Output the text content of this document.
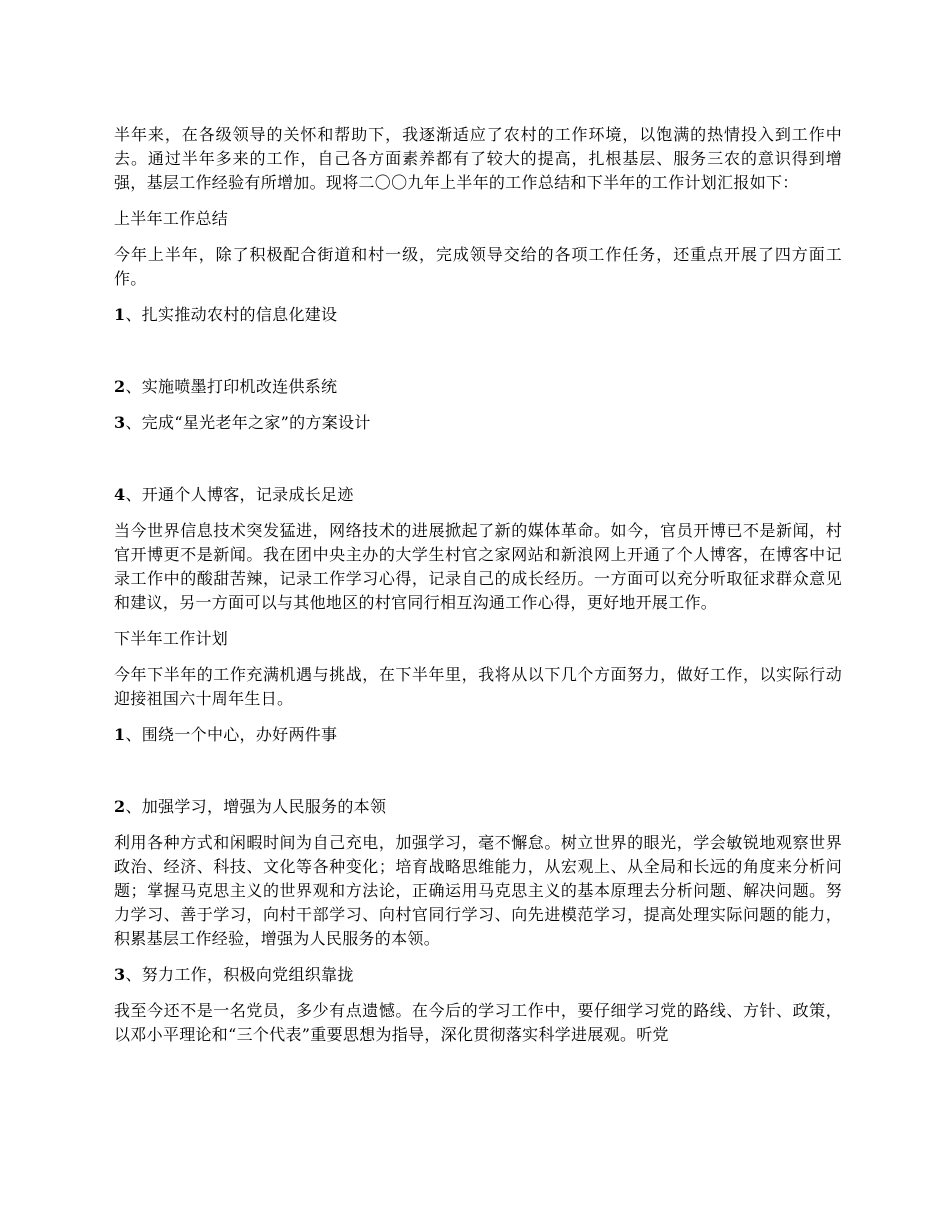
半年来，在各级领导的关怀和帮助下，我逐渐适应了农村的工作环境，以饱满的热情投入到工作中去。通过半年多来的工作，自己各方面素养都有了较大的提高，扎根基层、服务三农的意识得到增强，基层工作经验有所增加。现将二〇〇九年上半年的工作总结和下半年的工作计划汇报如下：

上半年工作总结

今年上半年，除了积极配合街道和村一级，完成领导交给的各项工作任务，还重点开展了四方面工作。

1、扎实推动农村的信息化建设

2、实施喷墨打印机改连供系统

3、完成“星光老年之家”的方案设计

4、开通个人博客，记录成长足迹

当今世界信息技术突发猛进，网络技术的进展掀起了新的媒体革命。如今，官员开博已不是新闻，村官开博更不是新闻。我在团中央主办的大学生村官之家网站和新浪网上开通了个人博客，在博客中记录工作中的酸甜苦辣，记录工作学习心得，记录自己的成长经历。一方面可以充分听取征求群众意见和建议，另一方面可以与其他地区的村官同行相互沟通工作心得，更好地开展工作。

下半年工作计划

今年下半年的工作充满机遇与挑战，在下半年里，我将从以下几个方面努力，做好工作，以实际行动迎接祖国六十周年生日。

1、围绕一个中心，办好两件事

2、加强学习，增强为人民服务的本领

利用各种方式和闲暇时间为自己充电，加强学习，毫不懈怠。树立世界的眼光，学会敏锐地观察世界政治、经济、科技、文化等各种变化；培育战略思维能力，从宏观上、从全局和长远的角度来分析问题；掌握马克思主义的世界观和方法论，正确运用马克思主义的基本原理去分析问题、解决问题。努力学习、善于学习，向村干部学习、向村官同行学习、向先进模范学习，提高处理实际问题的能力，积累基层工作经验，增强为人民服务的本领。

3、努力工作，积极向党组织靠拢

我至今还不是一名党员，多少有点遗憾。在今后的学习工作中，要仔细学习党的路线、方针、政策，以邓小平理论和“三个代表”重要思想为指导，深化贯彻落实科学进展观。听党
